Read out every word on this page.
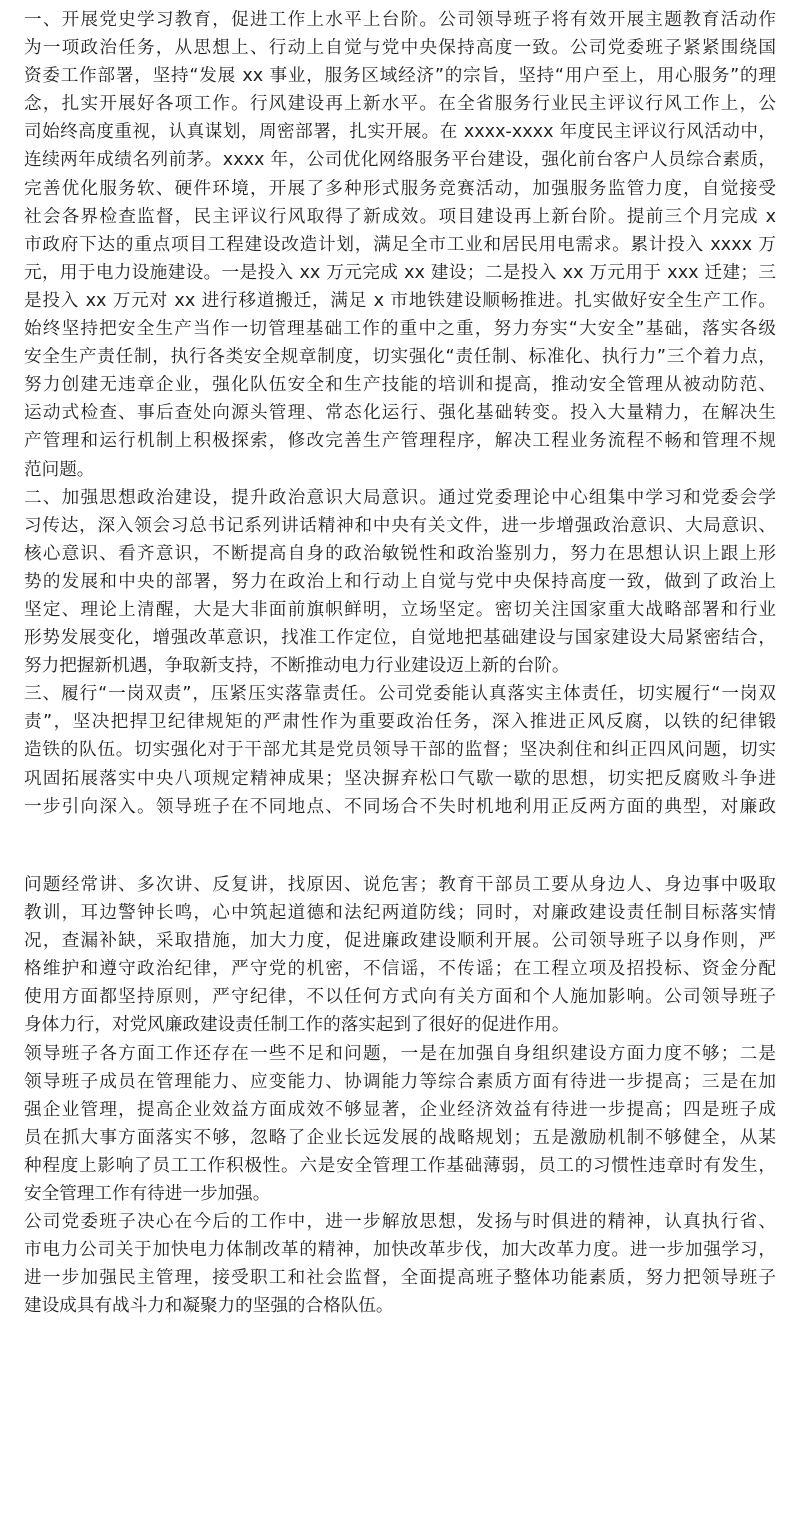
一、开展党史学习教育，促进工作上水平上台阶。公司领导班子将有效开展主题教育活动作
为一项政治任务，从思想上、行动上自觉与党中央保持高度一致。公司党委班子紧紧围绕国
资委工作部署，坚持“发展 xx 事业，服务区域经济”的宗旨，坚持“用户至上，用心服务”的理
念，扎实开展好各项工作。行风建设再上新水平。在全省服务行业民主评议行风工作上，公
司始终高度重视，认真谋划，周密部署，扎实开展。在 xxxx-xxxx 年度民主评议行风活动中，
连续两年成绩名列前茅。xxxx 年，公司优化网络服务平台建设，强化前台客户人员综合素质，
完善优化服务软、硬件环境，开展了多种形式服务竞赛活动，加强服务监管力度，自觉接受
社会各界检查监督，民主评议行风取得了新成效。项目建设再上新台阶。提前三个月完成 x
市政府下达的重点项目工程建设改造计划，满足全市工业和居民用电需求。累计投入 xxxx 万
元，用于电力设施建设。一是投入 xx 万元完成 xx 建设；二是投入 xx 万元用于 xxx 迁建；三
是投入 xx 万元对 xx 进行移道搬迁，满足 x 市地铁建设顺畅推进。扎实做好安全生产工作。
始终坚持把安全生产当作一切管理基础工作的重中之重，努力夯实“大安全”基础，落实各级
安全生产责任制，执行各类安全规章制度，切实强化“责任制、标准化、执行力”三个着力点，
努力创建无违章企业，强化队伍安全和生产技能的培训和提高，推动安全管理从被动防范、
运动式检查、事后查处向源头管理、常态化运行、强化基础转变。投入大量精力，在解决生
产管理和运行机制上积极探索，修改完善生产管理程序，解决工程业务流程不畅和管理不规
范问题。
二、加强思想政治建设，提升政治意识大局意识。通过党委理论中心组集中学习和党委会学
习传达，深入领会习总书记系列讲话精神和中央有关文件，进一步增强政治意识、大局意识、
核心意识、看齐意识，不断提高自身的政治敏锐性和政治鉴别力，努力在思想认识上跟上形
势的发展和中央的部署，努力在政治上和行动上自觉与党中央保持高度一致，做到了政治上
坚定、理论上清醒，大是大非面前旗帜鲜明，立场坚定。密切关注国家重大战略部署和行业
形势发展变化，增强改革意识，找准工作定位，自觉地把基础建设与国家建设大局紧密结合，
努力把握新机遇，争取新支持，不断推动电力行业建设迈上新的台阶。
三、履行“一岗双责”，压紧压实落靠责任。公司党委能认真落实主体责任，切实履行“一岗双
责”，坚决把捍卫纪律规矩的严肃性作为重要政治任务，深入推进正风反腐，以铁的纪律锻
造铁的队伍。切实强化对于干部尤其是党员领导干部的监督；坚决刹住和纠正四风问题，切实
巩固拓展落实中央八项规定精神成果；坚决摒弃松口气歇一歇的思想，切实把反腐败斗争进
一步引向深入。领导班子在不同地点、不同场合不失时机地利用正反两方面的典型，对廉政
问题经常讲、多次讲、反复讲，找原因、说危害；教育干部员工要从身边人、身边事中吸取
教训，耳边警钟长鸣，心中筑起道德和法纪两道防线；同时，对廉政建设责任制目标落实情
况，查漏补缺，采取措施，加大力度，促进廉政建设顺利开展。公司领导班子以身作则，严
格维护和遵守政治纪律，严守党的机密，不信谣，不传谣；在工程立项及招投标、资金分配
使用方面都坚持原则，严守纪律，不以任何方式向有关方面和个人施加影响。公司领导班子
身体力行，对党风廉政建设责任制工作的落实起到了很好的促进作用。
领导班子各方面工作还存在一些不足和问题，一是在加强自身组织建设方面力度不够；二是
领导班子成员在管理能力、应变能力、协调能力等综合素质方面有待进一步提高；三是在加
强企业管理，提高企业效益方面成效不够显著，企业经济效益有待进一步提高；四是班子成
员在抓大事方面落实不够，忽略了企业长远发展的战略规划；五是激励机制不够健全，从某
种程度上影响了员工工作积极性。六是安全管理工作基础薄弱，员工的习惯性违章时有发生，
安全管理工作有待进一步加强。
公司党委班子决心在今后的工作中，进一步解放思想，发扬与时俱进的精神，认真执行省、
市电力公司关于加快电力体制改革的精神，加快改革步伐，加大改革力度。进一步加强学习，
进一步加强民主管理，接受职工和社会监督，全面提高班子整体功能素质，努力把领导班子
建设成具有战斗力和凝聚力的坚强的合格队伍。
